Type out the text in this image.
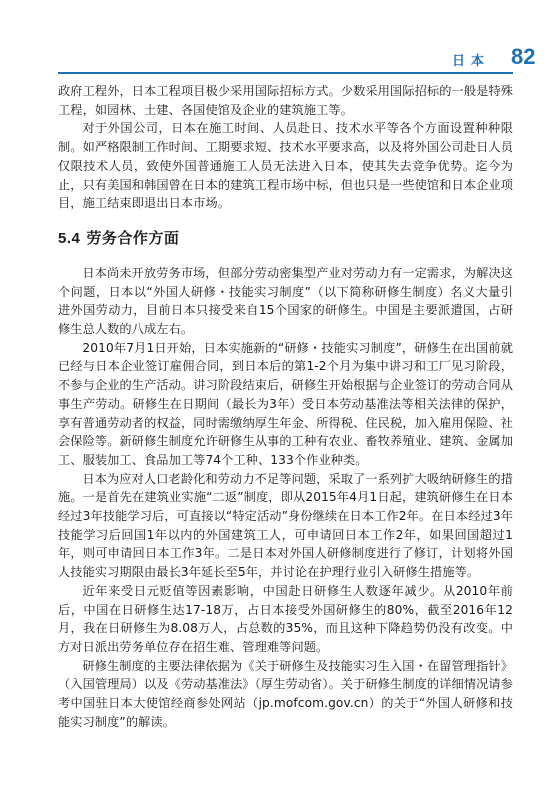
日本 82

政府工程外，日本工程项目极少采用国际招标方式。少数采用国际招标的一般是特殊工程，如园林、土建、各国使馆及企业的建筑施工等。

对于外国公司，日本在施工时间、人员赴日、技术水平等各个方面设置种种限制。如严格限制工作时间、工期要求短、技术水平要求高，以及将外国公司赴日人员仅限技术人员，致使外国普通施工人员无法进入日本，使其失去竞争优势。迄今为止，只有美国和韩国曾在日本的建筑工程市场中标，但也只是一些使馆和日本企业项目，施工结束即退出日本市场。

5.4 劳务合作方面

日本尚未开放劳务市场，但部分劳动密集型产业对劳动力有一定需求，为解决这个问题，日本以“外国人研修・技能实习制度”（以下简称研修生制度）名义大量引进外国劳动力，目前日本只接受来自15个国家的研修生。中国是主要派遣国，占研修生总人数的八成左右。

2010年7月1日开始，日本实施新的“研修・技能实习制度”，研修生在出国前就已经与日本企业签订雇佣合同，到日本后的第1-2个月为集中讲习和工厂见习阶段，不参与企业的生产活动。讲习阶段结束后，研修生开始根据与企业签订的劳动合同从事生产劳动。研修生在日期间（最长为3年）受日本劳动基准法等相关法律的保护，享有普通劳动者的权益，同时需缴纳厚生年金、所得税、住民税，加入雇用保险、社会保险等。新研修生制度允许研修生从事的工种有农业、畜牧养殖业、建筑、金属加工、服装加工、食品加工等74个工种、133个作业种类。

日本为应对人口老龄化和劳动力不足等问题，采取了一系列扩大吸纳研修生的措施。一是首先在建筑业实施“二返”制度，即从2015年4月1日起，建筑研修生在日本经过3年技能学习后，可直接以“特定活动”身份继续在日本工作2年。在日本经过3年技能学习后回国1年以内的外国建筑工人，可申请回日本工作2年，如果回国超过1年，则可申请回日本工作3年。二是日本对外国人研修制度进行了修订，计划将外国人技能实习期限由最长3年延长至5年，并讨论在护理行业引入研修生措施等。

近年来受日元贬值等因素影响，中国赴日研修生人数逐年减少。从2010年前后，中国在日研修生达17-18万，占日本接受外国研修生的80%，截至2016年12月，我在日研修生为8.08万人，占总数的35%，而且这种下降趋势仍没有改变。中方对日派出劳务单位存在招生难、管理难等问题。

研修生制度的主要法律依据为《关于研修生及技能实习生入国・在留管理指针》（入国管理局）以及《劳动基准法》（厚生劳动省）。关于研修生制度的详细情况请参考中国驻日本大使馆经商参处网站（jp.mofcom.gov.cn）的关于“外国人研修和技能实习制度”的解读。
